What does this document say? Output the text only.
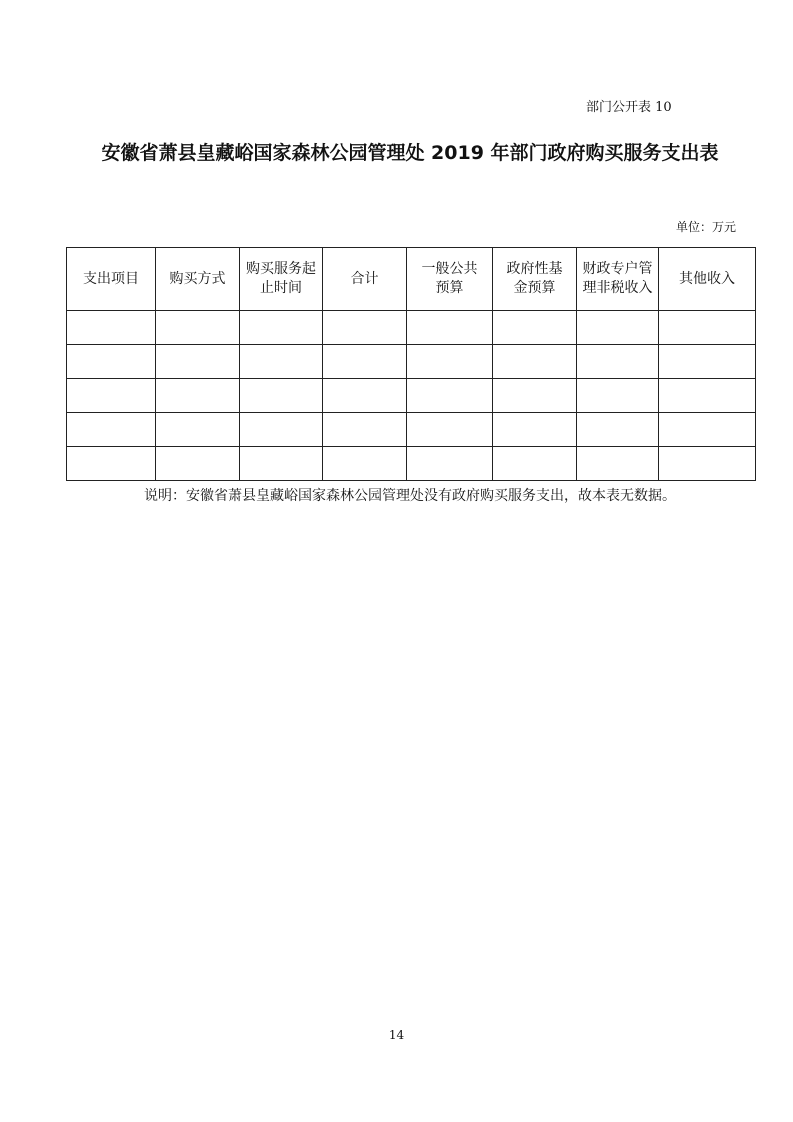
部门公开表 10
安徽省萧县皇藏峪国家森林公园管理处 2019 年部门政府购买服务支出表
单位：万元
支出项目	购买方式	购买服务起止时间	合计	一般公共预算	政府性基金预算	财政专户管理非税收入	其他收入

说明：安徽省萧县皇藏峪国家森林公园管理处没有政府购买服务支出，故本表无数据。
14
